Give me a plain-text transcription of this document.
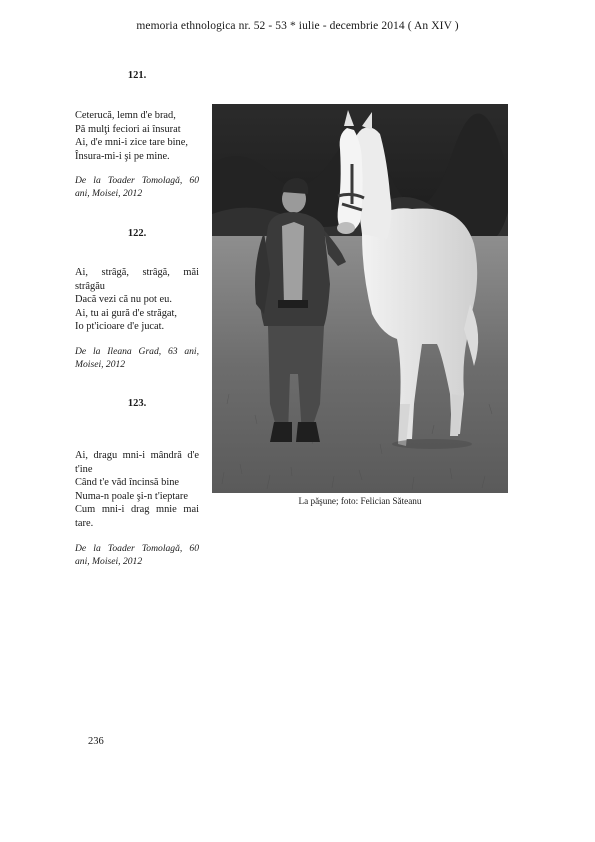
memoria ethnologica nr. 52 - 53 * iulie - decembrie 2014 ( An XIV )
121.
Ceterucă, lemn d'e brad,
Pă mulţi feciori ai însurat
Ai, d'e mni-i zice tare bine,
Însura-mi-i şi pe mine.
De la Toader Tomolagă, 60
ani, Moisei, 2012
122.
Ai, strâgă, strâgă, măi
strâgău
Dacă vezi că nu pot eu.
Ai, tu ai gură d'e străgat,
Io pt'icioare d'e jucat.
De la Ileana Grad, 63 ani,
Moisei, 2012
123.
Ai, dragu mni-i mândră d'e
t'ine
Când t'e văd încinsă bine
Numa-n poale şi-n t'ieptare
Cum mni-i drag mnie mai
tare.
De la Toader Tomolagă, 60
ani, Moisei, 2012
La păşune; foto: Felician Săteanu
236
